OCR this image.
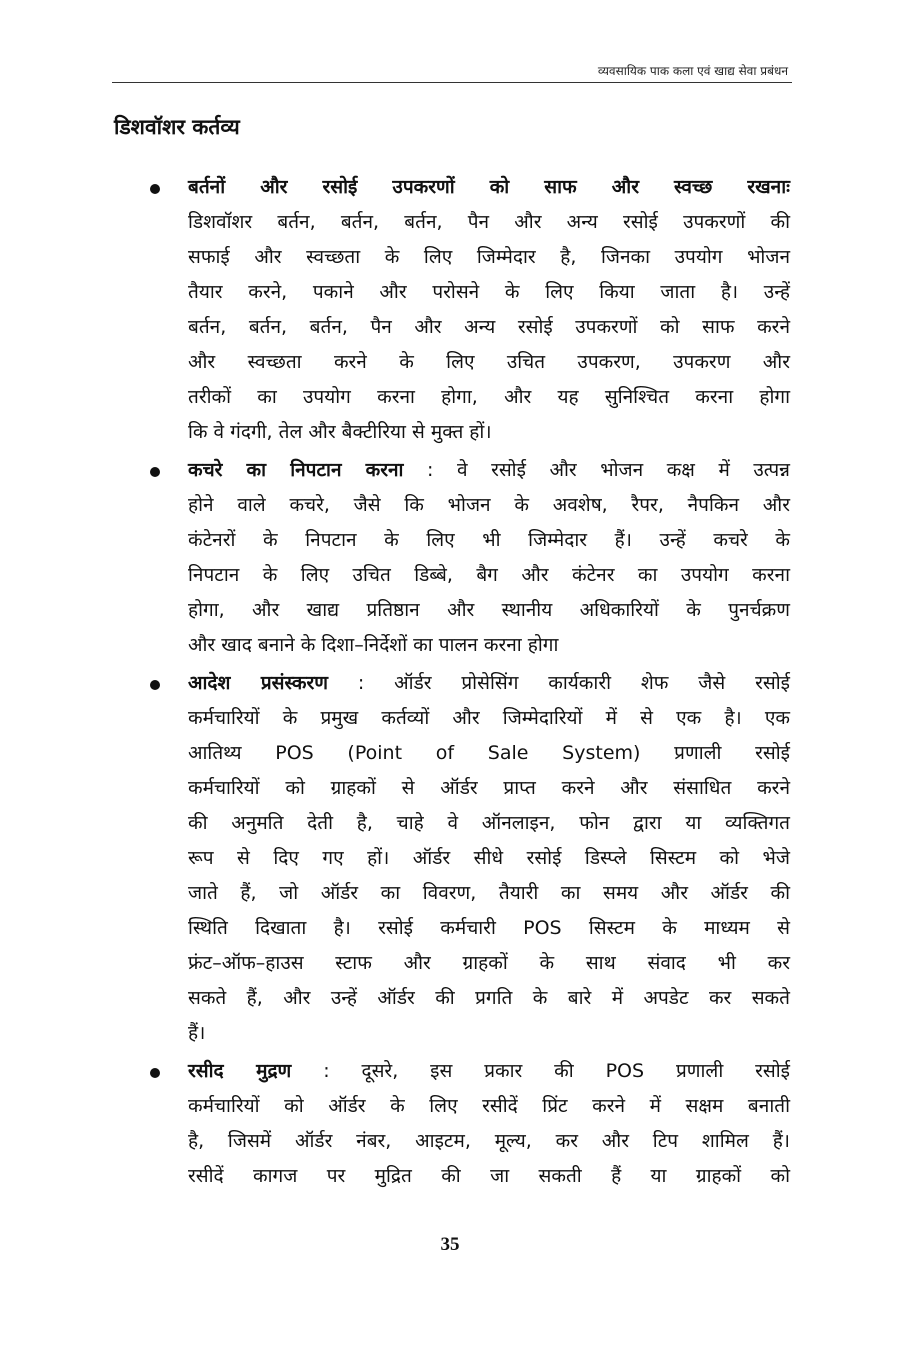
व्यवसायिक पाक कला एवं खाद्य सेवा प्रबंधन
डिशवॉशर कर्तव्य
बर्तनों और रसोई उपकरणों को साफ और स्वच्छ रखनाः
डिशवॉशर बर्तन, बर्तन, बर्तन, पैन और अन्य रसोई उपकरणों की
सफाई और स्वच्छता के लिए जिम्मेदार है, जिनका उपयोग भोजन
तैयार करने, पकाने और परोसने के लिए किया जाता है। उन्हें
बर्तन, बर्तन, बर्तन, पैन और अन्य रसोई उपकरणों को साफ करने
और स्वच्छता करने के लिए उचित उपकरण, उपकरण और
तरीकों का उपयोग करना होगा, और यह सुनिश्चित करना होगा
कि वे गंदगी, तेल और बैक्टीरिया से मुक्त हों।
कचरे का निपटान करना : वे रसोई और भोजन कक्ष में उत्पन्न
होने वाले कचरे, जैसे कि भोजन के अवशेष, रैपर, नैपकिन और
कंटेनरों के निपटान के लिए भी जिम्मेदार हैं। उन्हें कचरे के
निपटान के लिए उचित डिब्बे, बैग और कंटेनर का उपयोग करना
होगा, और खाद्य प्रतिष्ठान और स्थानीय अधिकारियों के पुनर्चक्रण
और खाद बनाने के दिशा–निर्देशों का पालन करना होगा
आदेश प्रसंस्करण : ऑर्डर प्रोसेसिंग कार्यकारी शेफ जैसे रसोई
कर्मचारियों के प्रमुख कर्तव्यों और जिम्मेदारियों में से एक है। एक
आतिथ्य POS (Point of Sale System) प्रणाली रसोई
कर्मचारियों को ग्राहकों से ऑर्डर प्राप्त करने और संसाधित करने
की अनुमति देती है, चाहे वे ऑनलाइन, फोन द्वारा या व्यक्तिगत
रूप से दिए गए हों। ऑर्डर सीधे रसोई डिस्प्ले सिस्टम को भेजे
जाते हैं, जो ऑर्डर का विवरण, तैयारी का समय और ऑर्डर की
स्थिति दिखाता है। रसोई कर्मचारी POS सिस्टम के माध्यम से
फ्रंट–ऑफ–हाउस स्टाफ और ग्राहकों के साथ संवाद भी कर
सकते हैं, और उन्हें ऑर्डर की प्रगति के बारे में अपडेट कर सकते
हैं।
रसीद मुद्रण : दूसरे, इस प्रकार की POS प्रणाली रसोई
कर्मचारियों को ऑर्डर के लिए रसीदें प्रिंट करने में सक्षम बनाती
है, जिसमें ऑर्डर नंबर, आइटम, मूल्य, कर और टिप शामिल हैं।
रसीदें कागज पर मुद्रित की जा सकती हैं या ग्राहकों को
35
